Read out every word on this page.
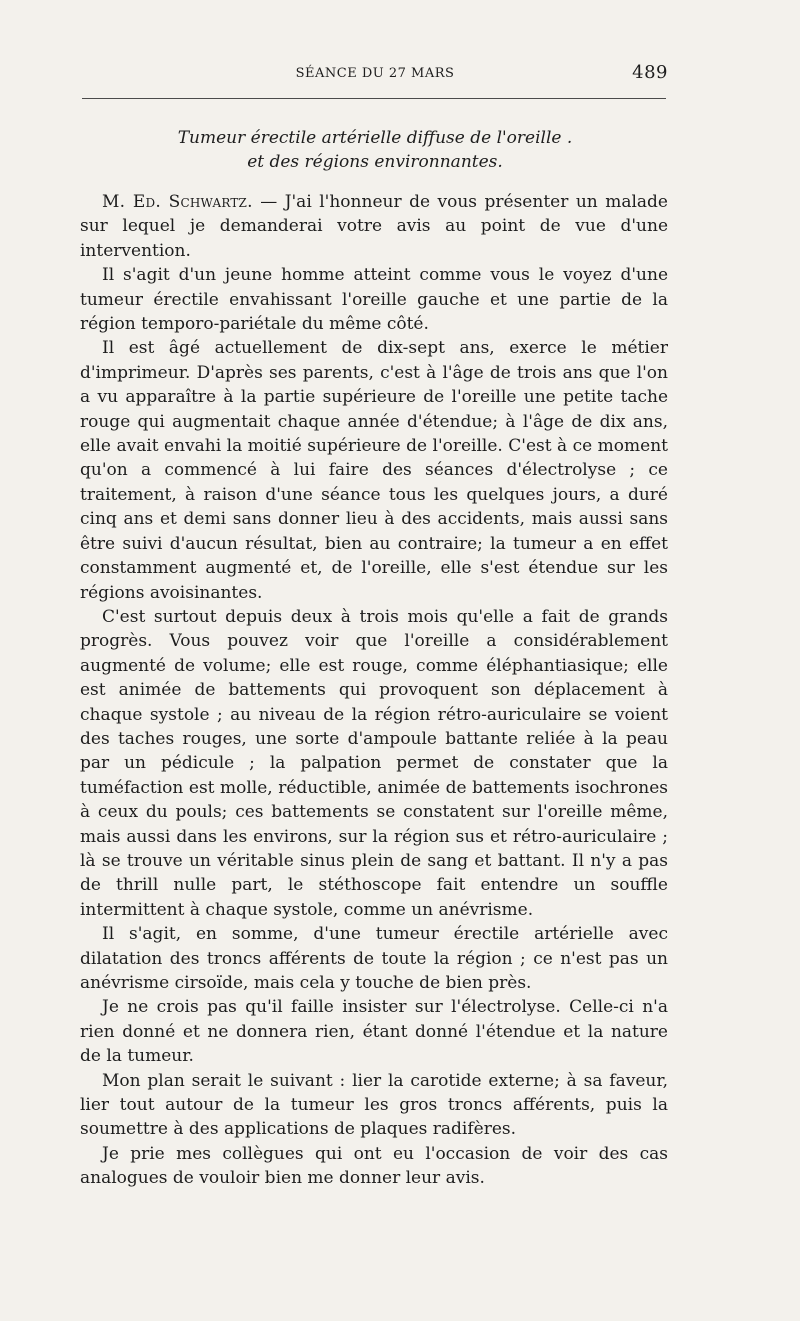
SÉANCE DU 27 MARS	489
Tumeur érectile artérielle diffuse de l'oreille .
et des régions environnantes.

M. Ed. Schwartz. — J'ai l'honneur de vous présenter un malade sur lequel je demanderai votre avis au point de vue d'une intervention.

Il s'agit d'un jeune homme atteint comme vous le voyez d'une tumeur érectile envahissant l'oreille gauche et une partie de la région temporo-pariétale du même côté.

Il est âgé actuellement de dix-sept ans, exerce le métier d'imprimeur. D'après ses parents, c'est à l'âge de trois ans que l'on a vu apparaître à la partie supérieure de l'oreille une petite tache rouge qui augmentait chaque année d'étendue; à l'âge de dix ans, elle avait envahi la moitié supérieure de l'oreille. C'est à ce moment qu'on a commencé à lui faire des séances d'électrolyse ; ce traitement, à raison d'une séance tous les quelques jours, a duré cinq ans et demi sans donner lieu à des accidents, mais aussi sans être suivi d'aucun résultat, bien au contraire; la tumeur a en effet constamment augmenté et, de l'oreille, elle s'est étendue sur les régions avoisinantes.

C'est surtout depuis deux à trois mois qu'elle a fait de grands progrès. Vous pouvez voir que l'oreille a considérablement augmenté de volume; elle est rouge, comme éléphantiasique; elle est animée de battements qui provoquent son déplacement à chaque systole ; au niveau de la région rétro-auriculaire se voient des taches rouges, une sorte d'ampoule battante reliée à la peau par un pédicule ; la palpation permet de constater que la tuméfaction est molle, réductible, animée de battements isochrones à ceux du pouls; ces battements se constatent sur l'oreille même, mais aussi dans les environs, sur la région sus et rétro-auriculaire ; là se trouve un véritable sinus plein de sang et battant. Il n'y a pas de thrill nulle part, le stéthoscope fait entendre un souffle intermittent à chaque systole, comme un anévrisme.

Il s'agit, en somme, d'une tumeur érectile artérielle avec dilatation des troncs afférents de toute la région ; ce n'est pas un anévrisme cirsoïde, mais cela y touche de bien près.

Je ne crois pas qu'il faille insister sur l'électrolyse. Celle-ci n'a rien donné et ne donnera rien, étant donné l'étendue et la nature de la tumeur.

Mon plan serait le suivant : lier la carotide externe; à sa faveur, lier tout autour de la tumeur les gros troncs afférents, puis la soumettre à des applications de plaques radifères.

Je prie mes collègues qui ont eu l'occasion de voir des cas analogues de vouloir bien me donner leur avis.
